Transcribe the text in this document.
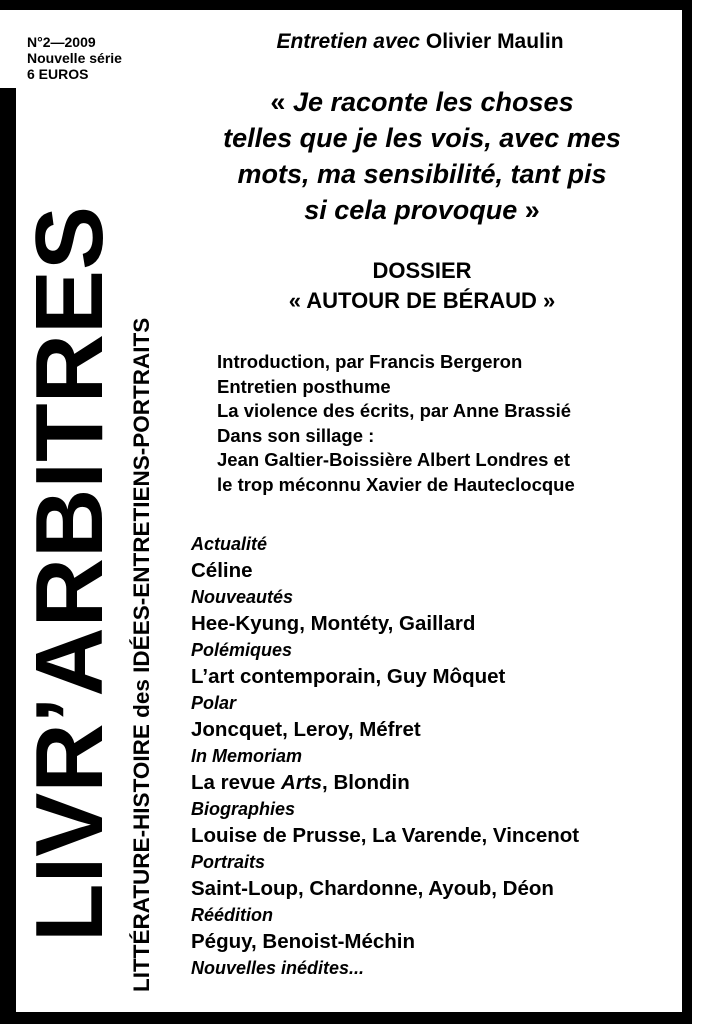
N°2—2009
Nouvelle série
6 EUROS
LIVR’ARBITRES LITTÉRATURE-HISTOIRE des IDÉES-ENTRETIENS-PORTRAITS
Entretien avec Olivier Maulin
« Je raconte les choses
telles que je les vois, avec mes
mots, ma sensibilité, tant pis
si cela provoque »
DOSSIER
« AUTOUR DE BÉRAUD »
Introduction, par Francis Bergeron
Entretien posthume
La violence des écrits, par Anne Brassié
Dans son sillage :
Jean Galtier-Boissière Albert Londres et
le trop méconnu Xavier de Hauteclocque
Actualité
Céline
Nouveautés
Hee-Kyung, Montéty, Gaillard
Polémiques
L’art contemporain, Guy Môquet
Polar
Joncquet, Leroy, Méfret
In Memoriam
La revue Arts, Blondin
Biographies
Louise de Prusse, La Varende, Vincenot
Portraits
Saint-Loup, Chardonne, Ayoub, Déon
Réédition
Péguy, Benoist-Méchin
Nouvelles inédites...
